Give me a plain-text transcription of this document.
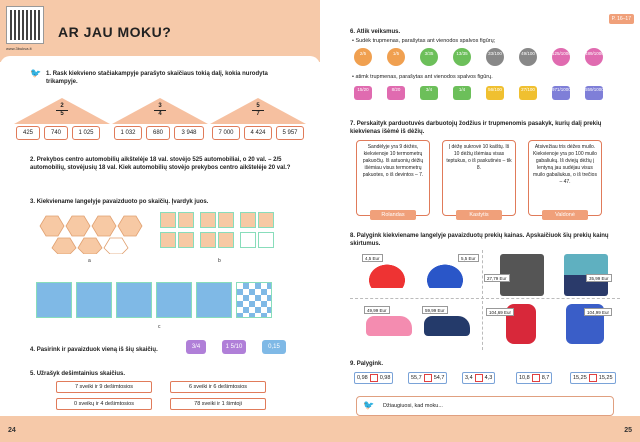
www.3bukva.lt
AR JAU MOKU?
🐦 1. Rask kiekvieno stačiakampyje parašyto skaičiaus tokią dalį, kokia nurodyta trikampyje.
$\frac{2}{5}$	$\frac{3}{4}$	$\frac{5}{7}$
425	740	1 025	1 032	680	3 948	7 000	4 424	5 957
2. Prekybos centro automobilių aikštelėje 18 val. stovėjo 525 automobiliai, o 20 val. – 2/5 automobilių, stovėjusių 18 val. Kiek automobilių stovėjo prekybos centro aikštelėje 20 val.?
3. Kiekviename langelyje pavaizduoto po skaičių. Įvardyk juos.
a	b
c
4. Pasirink ir pavaizduok vieną iš šių skaičių.	3/4	1 5/10	0,15
5. Užrašyk dešimtainius skaičius.
7 sveiki ir 9 dešimtosios	6 sveiki ir 6 dešimtosios
0 sveikų ir 4 dešimtosios	78 sveiki ir 1 šimtoji
24
P. 16–17
6. Atlik veiksmus.
• Sudėk trupmenas, parašytas ant vienodos spalvos figūrų;
2/5	1/5	3/35	13/35	33/100	49/100	125/1000	489/1000
• atimk trupmenas, parašytas ant vienodos spalvos figūrų.
15/20	8/20	3/4	1/4	56/100	27/100	971/1000	559/1000
7. Perskaityk parduotuvės darbuotojų žodžius ir trupmenomis pasakyk, kurių dalį prekių kiekvienas išėmė iš dėžių.
Sandėlyje yra 9 dėžės, kiekvienoje 10 termometrų pakuočių. Iš astuonių dėžių išėmiau visus termometrų pakuotes, o iš devintos – 7.
Į dėžę sukrovė 10 kaištų. Iš 10 dėžių išėmiau visas teptukus, o iš paskutinės – tik 8.
Atsivežiau tris dėžes muilo. Kiekvienoje yra po 100 muilo gabaliukų. Iš dviejų dėžių į lentyną jau sudėjau visus muilo gabaliukus, o iš trečios – 47.
Rolandas	Kastytis	Valdonė
8. Palygink kiekviename langelyje pavaizduotų prekių kainas. Apskaičiuok šių prekių kainų skirtumus.
4,5 Eur	5,5 Eur
27,79 Eur	35,99 Eur
49,99 Eur	59,99 Eur	104,69 Eur	104,99 Eur
9. Palygink.
0,98 0,98	55,7 54,7	3,4 4,3	10,8 8,7	15,25 15,25
🐦 Džiaugiuosi, kad moku...
25
